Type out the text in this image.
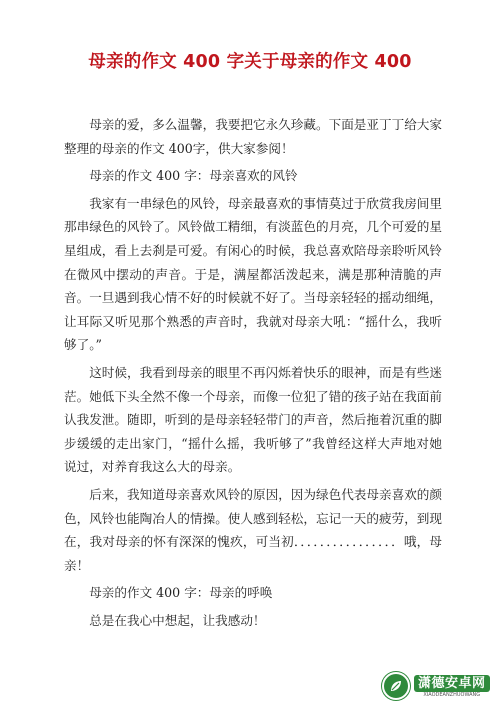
母亲的作文 400 字关于母亲的作文 400

母亲的爱，多么温馨，我要把它永久珍藏。下面是亚丁丁给大家整理的母亲的作文 400字，供大家参阅！

母亲的作文 400 字：母亲喜欢的风铃

我家有一串绿色的风铃，母亲最喜欢的事情莫过于欣赏我房间里那串绿色的风铃了。风铃做工精细，有淡蓝色的月亮，几个可爱的星星组成，看上去刹是可爱。有闲心的时候，我总喜欢陪母亲聆听风铃在微风中摆动的声音。于是，满屋都活泼起来，满是那种清脆的声音。一旦遇到我心情不好的时候就不好了。当母亲轻轻的摇动细绳，让耳际又听见那个熟悉的声音时，我就对母亲大吼：“摇什么，我听够了。”

这时候，我看到母亲的眼里不再闪烁着快乐的眼神，而是有些迷茫。她低下头全然不像一个母亲，而像一位犯了错的孩子站在我面前认我发泄。随即，听到的是母亲轻轻带门的声音，然后拖着沉重的脚步缓缓的走出家门，“摇什么摇，我听够了”我曾经这样大声地对她说过，对养育我这么大的母亲。

后来，我知道母亲喜欢风铃的原因，因为绿色代表母亲喜欢的颜色，风铃也能陶冶人的情操。使人感到轻松，忘记一天的疲劳，到现在，我对母亲的怀有深深的愧疚，可当初．．．．．．．．．．．．．．．．哦，母亲！

母亲的作文 400 字：母亲的呼唤

总是在我心中想起，让我感动！

潇德安卓网
XIAODEANZHUOWANG
